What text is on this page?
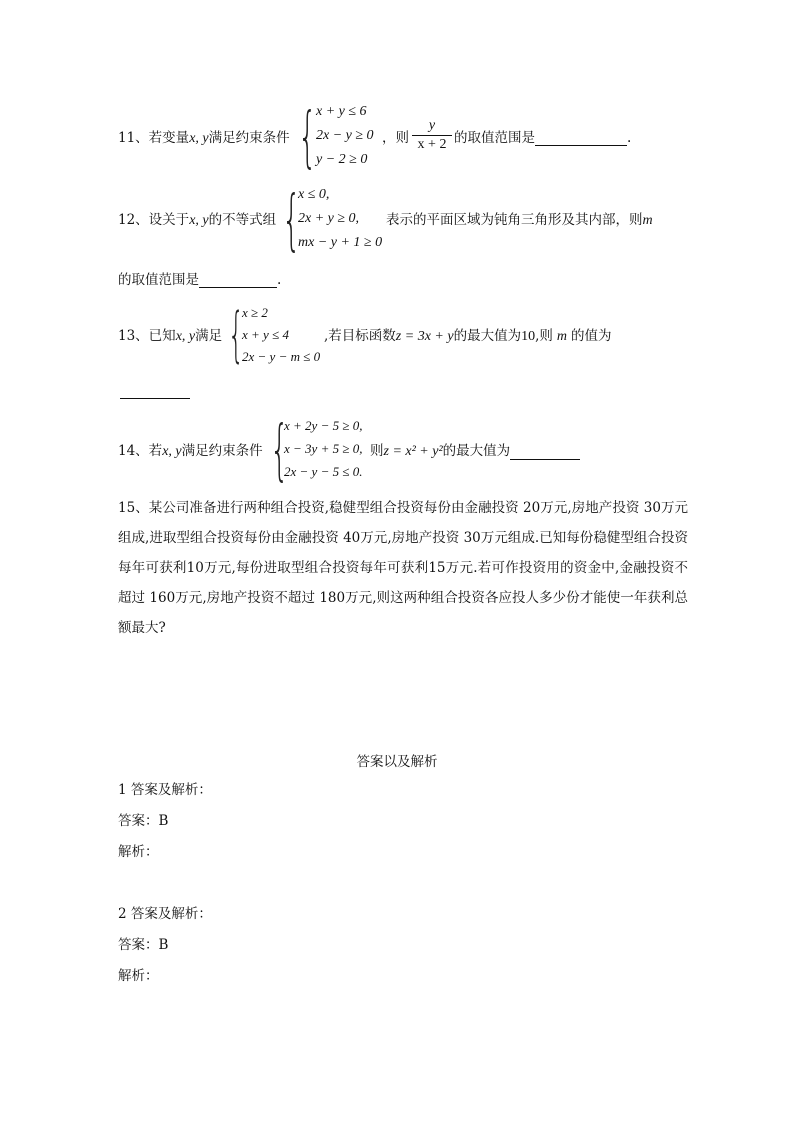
11、若变量x, y满足约束条件 { x + y ≤ 6
2x − y ≥ 0
y − 2 ≥ 0
，则
y
x + 2 的取值范围是	.
12、设关于x, y的不等式组 {
x ≤ 0,
2x + y ≥ 0,
mx − y + 1 ≥ 0
表示的平面区域为钝角三角形及其内部，则m
的取值范围是	.
13、已知x, y满足 {
x ≥ 2
x + y ≤ 4
2x − y − m ≤ 0
,若目标函数z = 3x + y的最大值为10,则 m 的值为
14、若x, y满足约束条件 {
x + 2y − 5 ≥ 0,
x − 3y + 5 ≥ 0,
2x − y − 5 ≤ 0.
则z = x² + y²的最大值为
15、某公司准备进行两种组合投资,稳健型组合投资每份由金融投资 20万元,房地产投资 30万元组成,进取型组合投资每份由金融投资 40万元,房地产投资 30万元组成.已知每份稳健型组合投资每年可获利10万元,每份进取型组合投资每年可获利15万元.若可作投资用的资金中,金融投资不超过 160万元,房地产投资不超过 180万元,则这两种组合投资各应投人多少份才能使一年获利总额最大?
答案以及解析
1 答案及解析：
答案：B
解析：
2 答案及解析：
答案：B
解析：
